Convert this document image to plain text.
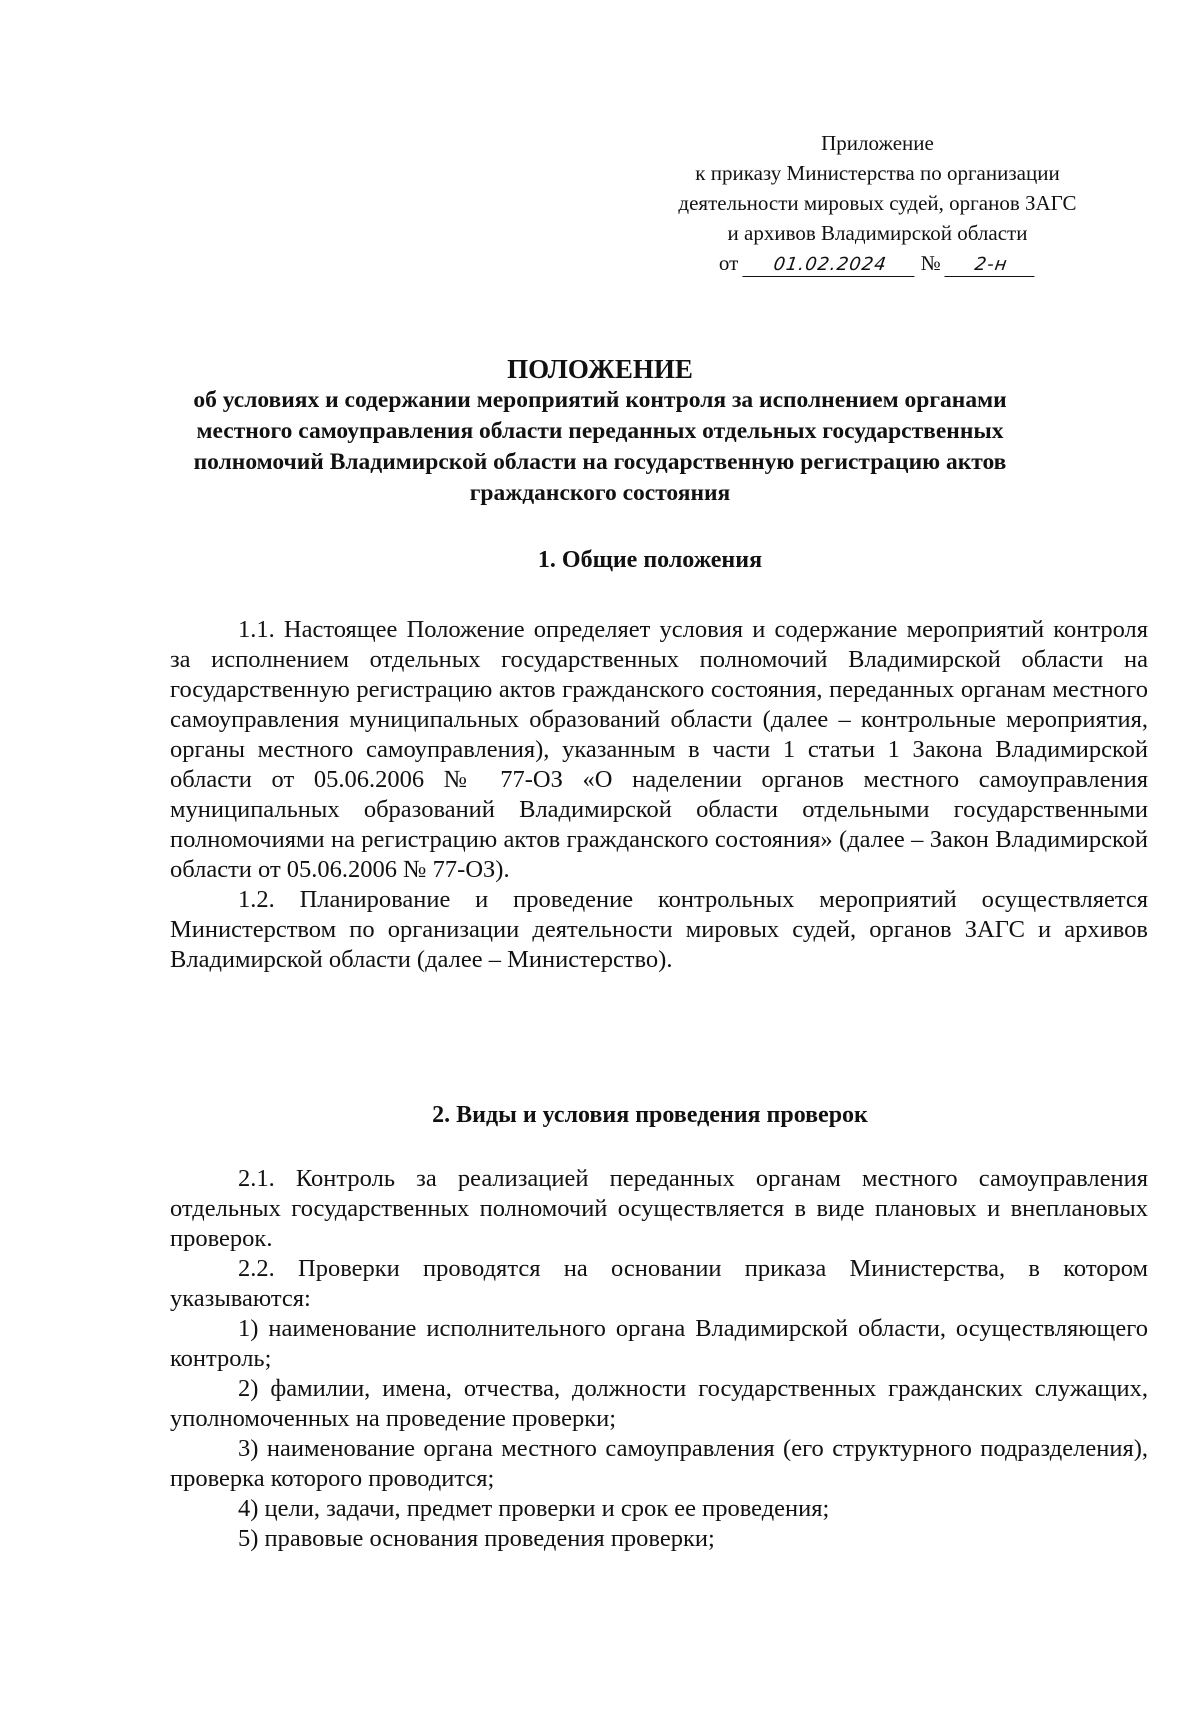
Приложение
к приказу Министерства по организации
деятельности мировых судей, органов ЗАГС
и архивов Владимирской области
от 01.02.2024 № 2-н
ПОЛОЖЕНИЕ
об условиях и содержании мероприятий контроля за исполнением органами местного самоуправления области переданных отдельных государственных полномочий Владимирской области на государственную регистрацию актов гражданского состояния
1. Общие положения

1.1. Настоящее Положение определяет условия и содержание мероприятий контроля за исполнением отдельных государственных полномочий Владимирской области на государственную регистрацию актов гражданского состояния, переданных органам местного самоуправления муниципальных образований области (далее – контрольные мероприятия, органы местного самоуправления), указанным в части 1 статьи 1 Закона Владимирской области от 05.06.2006 № 77-ОЗ «О наделении органов местного самоуправления муниципальных образований Владимирской области отдельными государственными полномочиями на регистрацию актов гражданского состояния» (далее – Закон Владимирской области от 05.06.2006 № 77-ОЗ).

1.2. Планирование и проведение контрольных мероприятий осуществляется Министерством по организации деятельности мировых судей, органов ЗАГС и архивов Владимирской области (далее – Министерство).

2. Виды и условия проведения проверок

2.1. Контроль за реализацией переданных органам местного самоуправления отдельных государственных полномочий осуществляется в виде плановых и внеплановых проверок.

2.2. Проверки проводятся на основании приказа Министерства, в котором указываются:

1) наименование исполнительного органа Владимирской области, осуществляющего контроль;

2) фамилии, имена, отчества, должности государственных гражданских служащих, уполномоченных на проведение проверки;

3) наименование органа местного самоуправления (его структурного подразделения), проверка которого проводится;

4) цели, задачи, предмет проверки и срок ее проведения;

5) правовые основания проведения проверки;
